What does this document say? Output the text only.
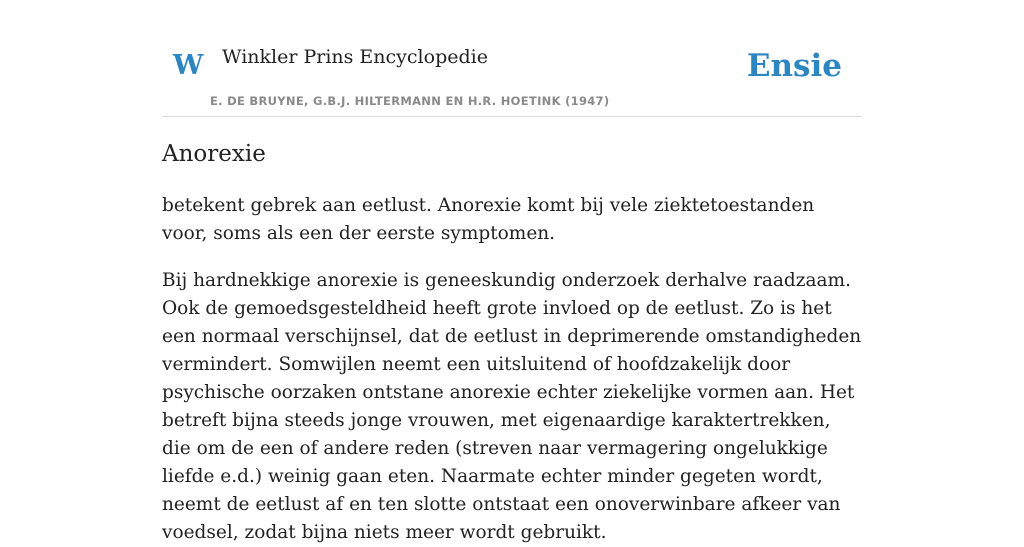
W Winkler Prins Encyclopedie
E. DE BRUYNE, G.B.J. HILTERMANN EN H.R. HOETINK (1947)
Ensie
Anorexie

betekent gebrek aan eetlust. Anorexie komt bij vele ziektetoestanden voor, soms als een der eerste symptomen.

Bij hardnekkige anorexie is geneeskundig onderzoek derhalve raadzaam. Ook de gemoedsgesteldheid heeft grote invloed op de eetlust. Zo is het een normaal verschijnsel, dat de eetlust in deprimerende omstandigheden vermindert. Somwijlen neemt een uitsluitend of hoofdzakelijk door psychische oorzaken ontstane anorexie echter ziekelijke vormen aan. Het betreft bijna steeds jonge vrouwen, met eigenaardige karaktertrekken, die om de een of andere reden (streven naar vermagering ongelukkige liefde e.d.) weinig gaan eten. Naarmate echter minder gegeten wordt, neemt de eetlust af en ten slotte ontstaat een onoverwinbare afkeer van voedsel, zodat bijna niets meer wordt gebruikt.
